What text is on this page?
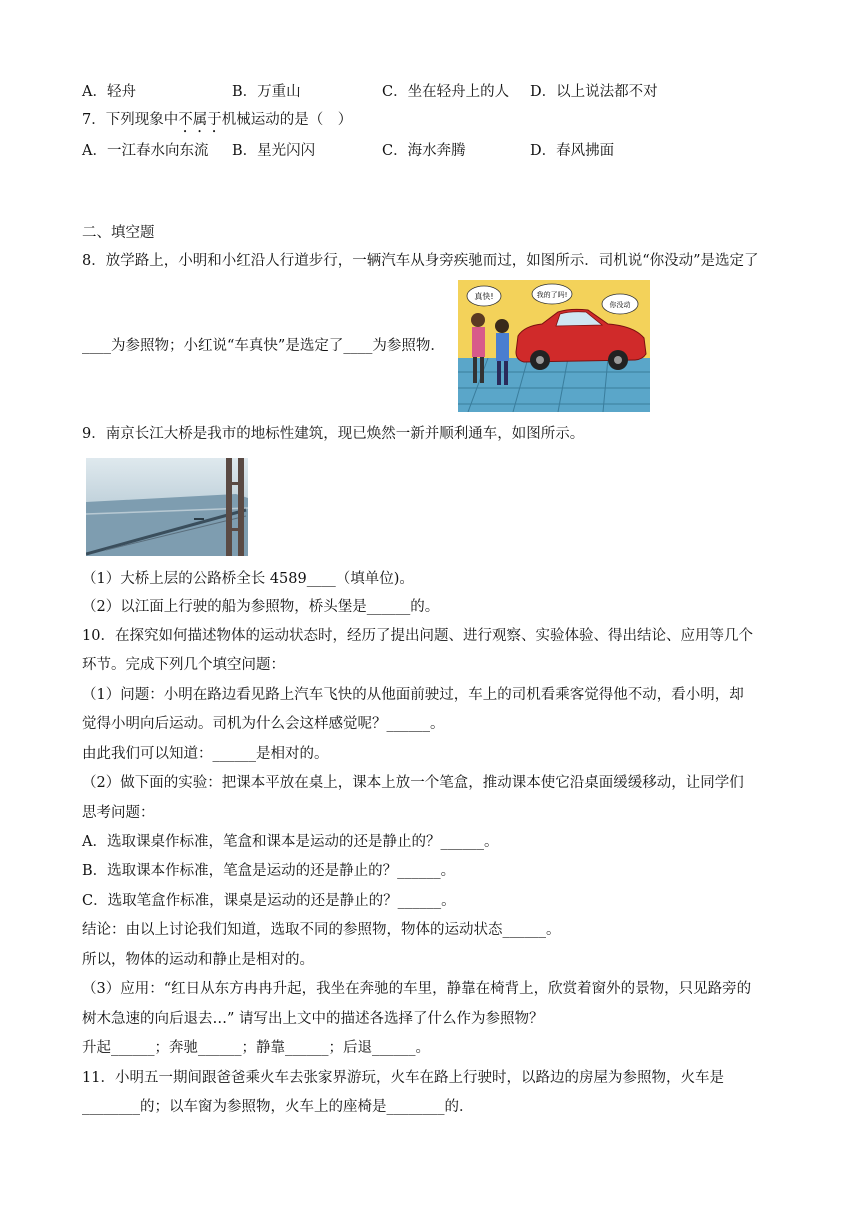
A．轻舟	B．万重山	C．坐在轻舟上的人 D．以上说法都不对
7．下列现象中不属于机械运动的是（　）
A．一江春水向东流 B．星光闪闪	C．海水奔腾	D．春风拂面
二、填空题
8．放学路上，小明和小红沿人行道步行，一辆汽车从身旁疾驰而过，如图所示．司机说“你没动”是选定了
____为参照物；小红说“车真快”是选定了____为参照物．
真快!	我的了吗!
你没动
9．南京长江大桥是我市的地标性建筑，现已焕然一新并顺利通车，如图所示。
（1）大桥上层的公路桥全长 4589____（填单位)。
（2）以江面上行驶的船为参照物，桥头堡是______的。
10．在探究如何描述物体的运动状态时，经历了提出问题、进行观察、实验体验、得出结论、应用等几个
环节。完成下列几个填空问题：
（1）问题：小明在路边看见路上汽车飞快的从他面前驶过，车上的司机看乘客觉得他不动，看小明，却
觉得小明向后运动。司机为什么会这样感觉呢？______。
由此我们可以知道：______是相对的。
（2）做下面的实验：把课本平放在桌上，课本上放一个笔盒，推动课本使它沿桌面缓缓移动，让同学们
思考问题：
A．选取课桌作标准，笔盒和课本是运动的还是静止的？______。
B．选取课本作标准，笔盒是运动的还是静止的？______。
C．选取笔盒作标准，课桌是运动的还是静止的？______。
结论：由以上讨论我们知道，选取不同的参照物，物体的运动状态______。
所以，物体的运动和静止是相对的。
（3）应用：“红日从东方冉冉升起，我坐在奔驰的车里，静靠在椅背上，欣赏着窗外的景物，只见路旁的
树木急速的向后退去…” 请写出上文中的描述各选择了什么作为参照物？
升起______；奔驰______；静靠______；后退______。
11．小明五一期间跟爸爸乘火车去张家界游玩，火车在路上行驶时，以路边的房屋为参照物，火车是
________的；以车窗为参照物，火车上的座椅是________的．
